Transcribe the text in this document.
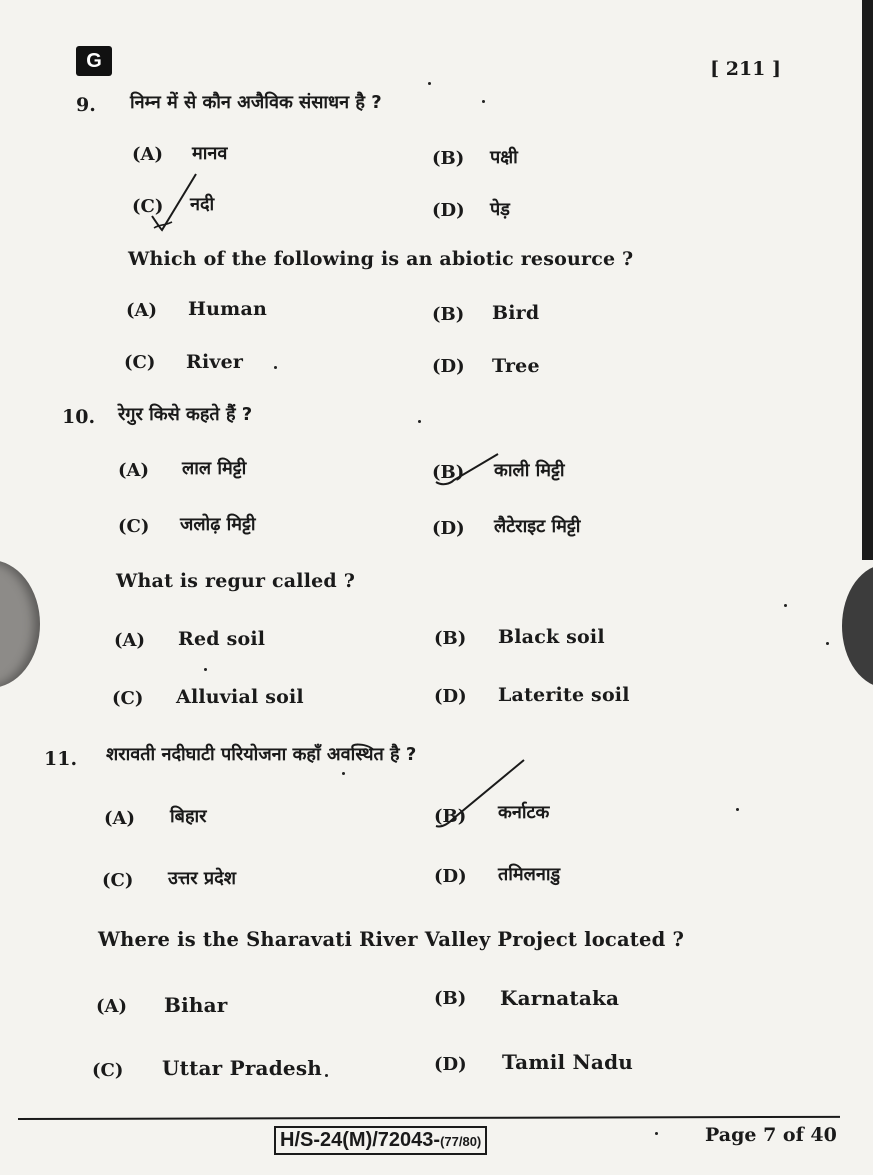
G	[ 211 ]
9. निम्न में से कौन अजैविक संसाधन है ?
(A) मानव	(B) पक्षी
(C) नदी	(D) पेड़
Which of the following is an abiotic resource ?
(A) Human	(B) Bird
(C) River	(D) Tree
10. रेगुर किसे कहते हैं ?
(A) लाल मिट्टी	(B) काली मिट्टी
(C) जलोढ़ मिट्टी	(D) लैटेराइट मिट्टी
What is regur called ?
(A) Red soil	(B) Black soil
(C) Alluvial soil	(D) Laterite soil
11. शरावती नदीघाटी परियोजना कहाँ अवस्थित है ?
(A) बिहार	(B) कर्नाटक
(C) उत्तर प्रदेश	(D) तमिलनाडु
Where is the Sharavati River Valley Project located ?
(A) Bihar	(B) Karnataka
(C) Uttar Pradesh	(D) Tamil Nadu
H/S-24(M)/72043-(77/80)	Page 7 of 40
